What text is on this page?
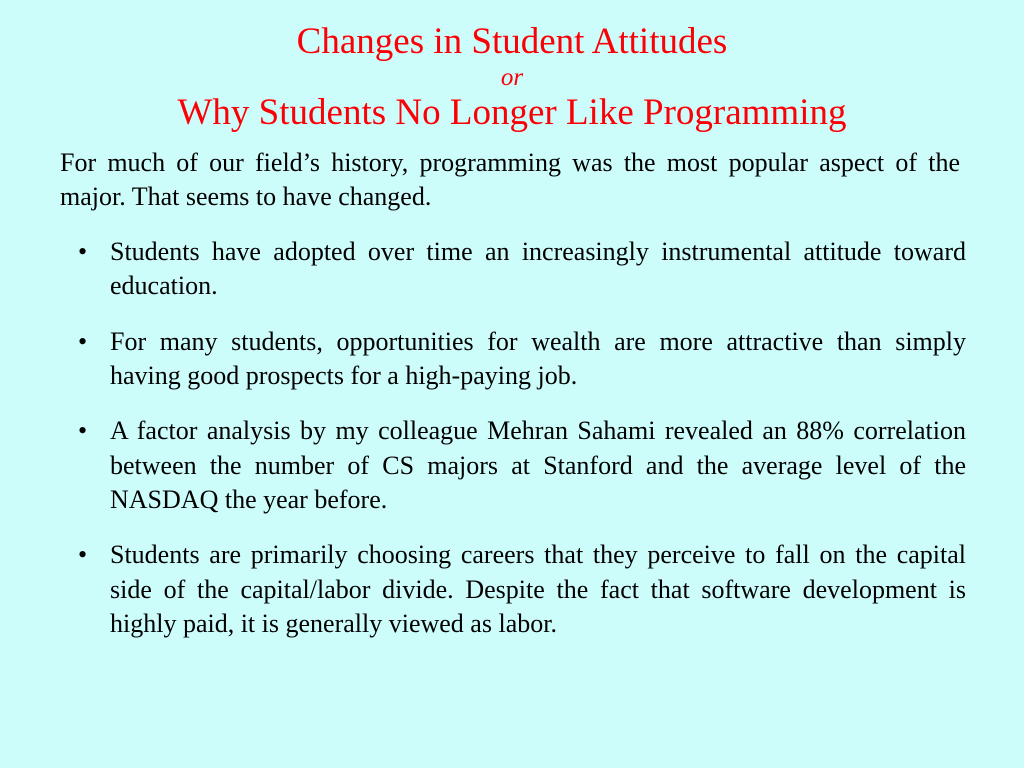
Changes in Student Attitudes
or
Why Students No Longer Like Programming

For much of our field’s history, programming was the most popular aspect of the major. That seems to have changed.

• Students have adopted over time an increasingly instrumental attitude toward education.
• For many students, opportunities for wealth are more attractive than simply having good prospects for a high-paying job.
• A factor analysis by my colleague Mehran Sahami revealed an 88% correlation between the number of CS majors at Stanford and the average level of the NASDAQ the year before.
• Students are primarily choosing careers that they perceive to fall on the capital side of the capital/labor divide. Despite the fact that software development is highly paid, it is generally viewed as labor.
